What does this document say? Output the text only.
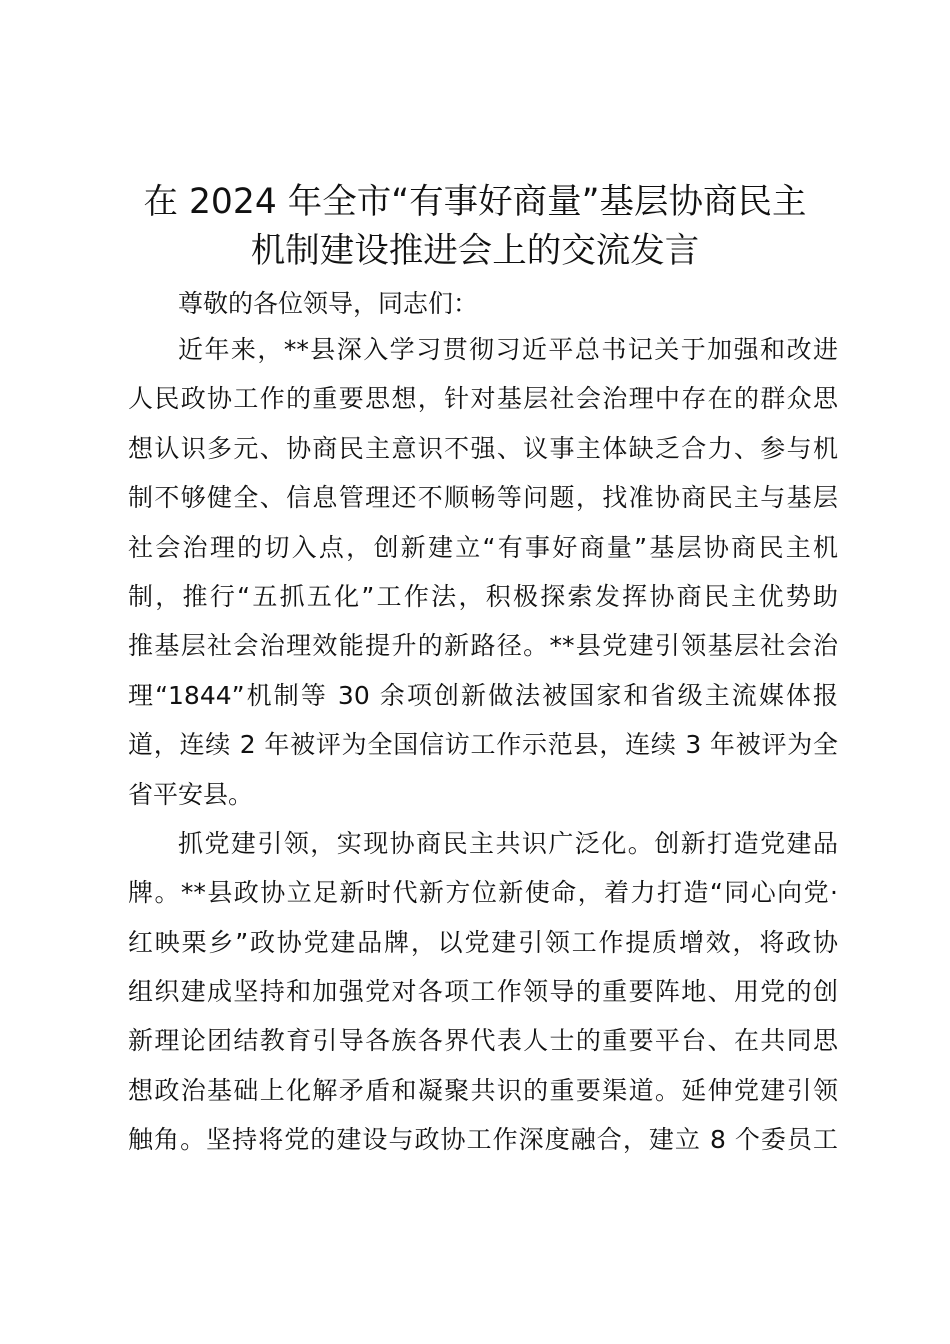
在 2024 年全市“有事好商量”基层协商民主
机制建设推进会上的交流发言
尊敬的各位领导，同志们：
近年来，**县深入学习贯彻习近平总书记关于加强和改进
人民政协工作的重要思想，针对基层社会治理中存在的群众思
想认识多元、协商民主意识不强、议事主体缺乏合力、参与机
制不够健全、信息管理还不顺畅等问题，找准协商民主与基层
社会治理的切入点，创新建立“有事好商量”基层协商民主机
制，推行“五抓五化”工作法，积极探索发挥协商民主优势助
推基层社会治理效能提升的新路径。**县党建引领基层社会治
理“1844”机制等 30 余项创新做法被国家和省级主流媒体报
道，连续 2 年被评为全国信访工作示范县，连续 3 年被评为全
省平安县。
抓党建引领，实现协商民主共识广泛化。创新打造党建品
牌。**县政协立足新时代新方位新使命，着力打造“同心向党·
红映栗乡”政协党建品牌，以党建引领工作提质增效，将政协
组织建成坚持和加强党对各项工作领导的重要阵地、用党的创
新理论团结教育引导各族各界代表人士的重要平台、在共同思
想政治基础上化解矛盾和凝聚共识的重要渠道。延伸党建引领
触角。坚持将党的建设与政协工作深度融合，建立 8 个委员工
